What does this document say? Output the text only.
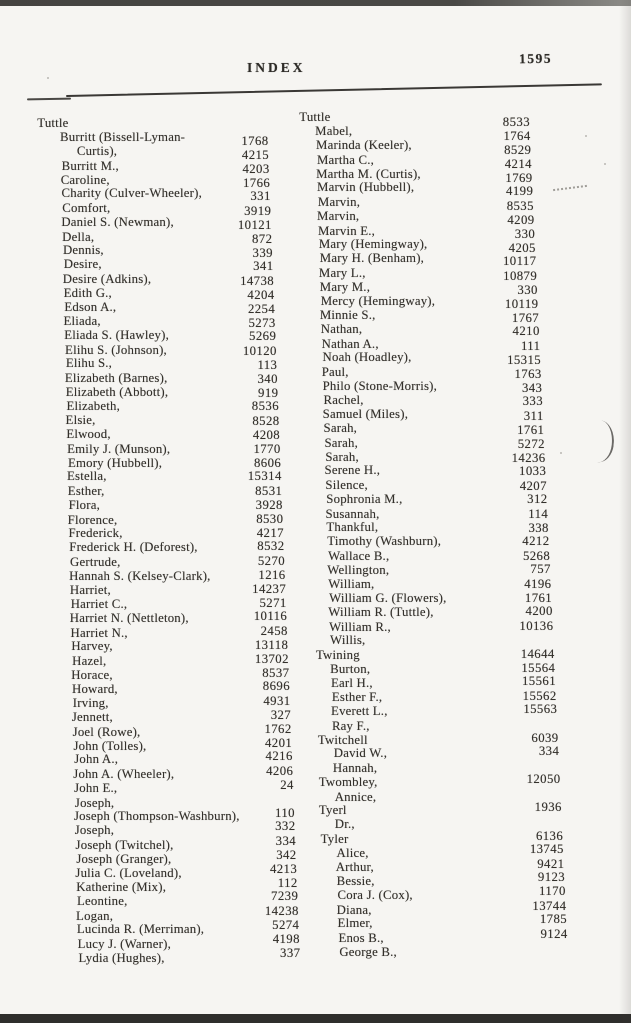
INDEX
1595
Tuttle
Burritt (Bissell-Lyman-	1768
Curtis),	4215
Burritt M.,	4203
Caroline,	1766
Charity (Culver-Wheeler),	331
Comfort,	3919
Daniel S. (Newman),	10121
Della,	872
Dennis,	339
Desire,	341
Desire (Adkins),	14738
Edith G.,	4204
Edson A.,	2254
Eliada,	5273
Eliada S. (Hawley),	5269
Elihu S. (Johnson),	10120
Elihu S.,	113
Elizabeth (Barnes),	340
Elizabeth (Abbott),	919
Elizabeth,	8536
Elsie,	8528
Elwood,	4208
Emily J. (Munson),	1770
Emory (Hubbell),	8606
Estella,	15314
Esther,	8531
Flora,	3928
Florence,	8530
Frederick,	4217
Frederick H. (Deforest),	8532
Gertrude,	5270
Hannah S. (Kelsey-Clark),	1216
Harriet,	14237
Harriet C.,	5271
Harriet N. (Nettleton),	10116
Harriet N.,	2458
Harvey,	13118
Hazel,	13702
Horace,	8537
Howard,	8696
Irving,	4931
Jennett,	327
Joel (Rowe),	1762
John (Tolles),	4201
John A.,	4216
John A. (Wheeler),	4206
John E.,	24
Joseph,
Joseph (Thompson-Washburn),	110
Joseph,	332
Joseph (Twitchel),	334
Joseph (Granger),	342
Julia C. (Loveland),	4213
Katherine (Mix),	112
Leontine,	7239
Logan,	14238
Lucinda R. (Merriman),	5274
Lucy J. (Warner),	4198
Lydia (Hughes),	337
Tuttle	8533
Mabel,	1764
Marinda (Keeler),	8529
Martha C.,	4214
Martha M. (Curtis),	1769
Marvin (Hubbell),	4199
Marvin,	8535
Marvin,	4209
Marvin E.,	330
Mary (Hemingway),	4205
Mary H. (Benham),	10117
Mary L.,	10879
Mary M.,	330
Mercy (Hemingway),	10119
Minnie S.,	1767
Nathan,	4210
Nathan A.,	111
Noah (Hoadley),	15315
Paul,	1763
Philo (Stone-Morris),	343
Rachel,	333
Samuel (Miles),	311
Sarah,	1761
Sarah,	5272
Sarah,	14236
Serene H.,	1033
Silence,	4207
Sophronia M.,	312
Susannah,	114
Thankful,	338
Timothy (Washburn),	4212
Wallace B.,	5268
Wellington,	757
William,	4196
William G. (Flowers),	1761
William R. (Tuttle),	4200
William R.,	10136
Willis,
Twining	14644
Burton,	15564
Earl H.,	15561
Esther F.,	15562
Everett L.,	15563
Ray F.,
Twitchell	6039
David W.,	334
Hannah,
Twombley,	12050
Annice,
Tyerl	1936
Dr.,
Tyler	6136
Alice,	13745
Arthur,	9421
Bessie,	9123
Cora J. (Cox),	1170
Diana,	13744
Elmer,	1785
Enos B.,	9124
George B.,
